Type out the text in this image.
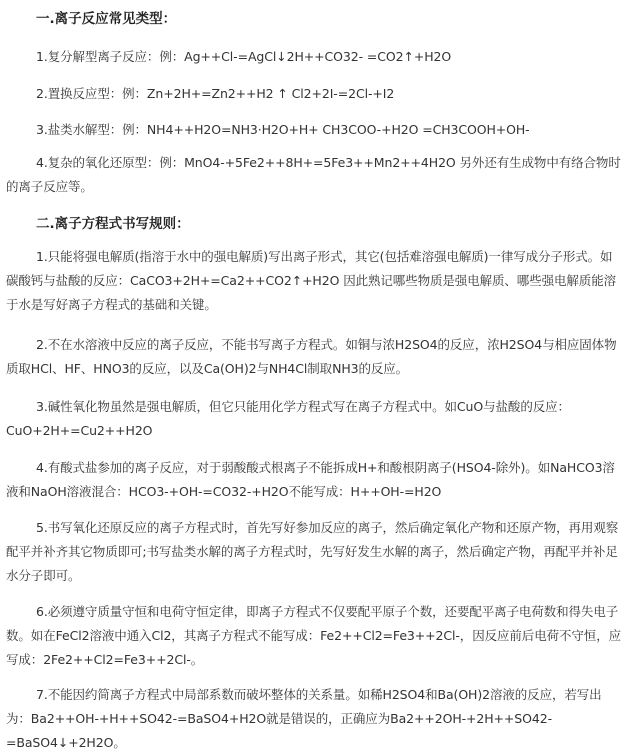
一.离子反应常见类型：

1.复分解型离子反应：例：Ag++Cl-=AgCl↓2H++CO32- =CO2↑+H2O

2.置换反应型：例：Zn+2H+=Zn2++H2 ↑ Cl2+2I-=2Cl-+I2

3.盐类水解型：例：NH4++H2O=NH3·H2O+H+ CH3COO-+H2O =CH3COOH+OH-

4.复杂的氧化还原型：例：MnO4-+5Fe2++8H+=5Fe3++Mn2++4H2O 另外还有生成物中有络合物时的离子反应等。

二.离子方程式书写规则：

1.只能将强电解质(指溶于水中的强电解质)写出离子形式，其它(包括难溶强电解质)一律写成分子形式。如碳酸钙与盐酸的反应：CaCO3+2H+=Ca2++CO2↑+H2O 因此熟记哪些物质是强电解质、哪些强电解质能溶于水是写好离子方程式的基础和关键。

2.不在水溶液中反应的离子反应，不能书写离子方程式。如铜与浓H2SO4的反应，浓H2SO4与相应固体物质取HCl、HF、HNO3的反应，以及Ca(OH)2与NH4Cl制取NH3的反应。

3.碱性氧化物虽然是强电解质，但它只能用化学方程式写在离子方程式中。如CuO与盐酸的反应：CuO+2H+=Cu2++H2O

4.有酸式盐参加的离子反应，对于弱酸酸式根离子不能拆成H+和酸根阴离子(HSO4-除外)。如NaHCO3溶液和NaOH溶液混合：HCO3-+OH-=CO32-+H2O不能写成：H++OH-=H2O

5.书写氧化还原反应的离子方程式时，首先写好参加反应的离子，然后确定氧化产物和还原产物，再用观察配平并补齐其它物质即可;书写盐类水解的离子方程式时，先写好发生水解的离子，然后确定产物，再配平并补足水分子即可。

6.必须遵守质量守恒和电荷守恒定律，即离子方程式不仅要配平原子个数，还要配平离子电荷数和得失电子数。如在FeCl2溶液中通入Cl2，其离子方程式不能写成：Fe2++Cl2=Fe3++2Cl-，因反应前后电荷不守恒，应写成：2Fe2++Cl2=Fe3++2Cl-。

7.不能因约简离子方程式中局部系数而破坏整体的关系量。如稀H2SO4和Ba(OH)2溶液的反应，若写出为：Ba2++OH-+H++SO42-=BaSO4+H2O就是错误的，正确应为Ba2++2OH-+2H++SO42-=BaSO4↓+2H2O。
